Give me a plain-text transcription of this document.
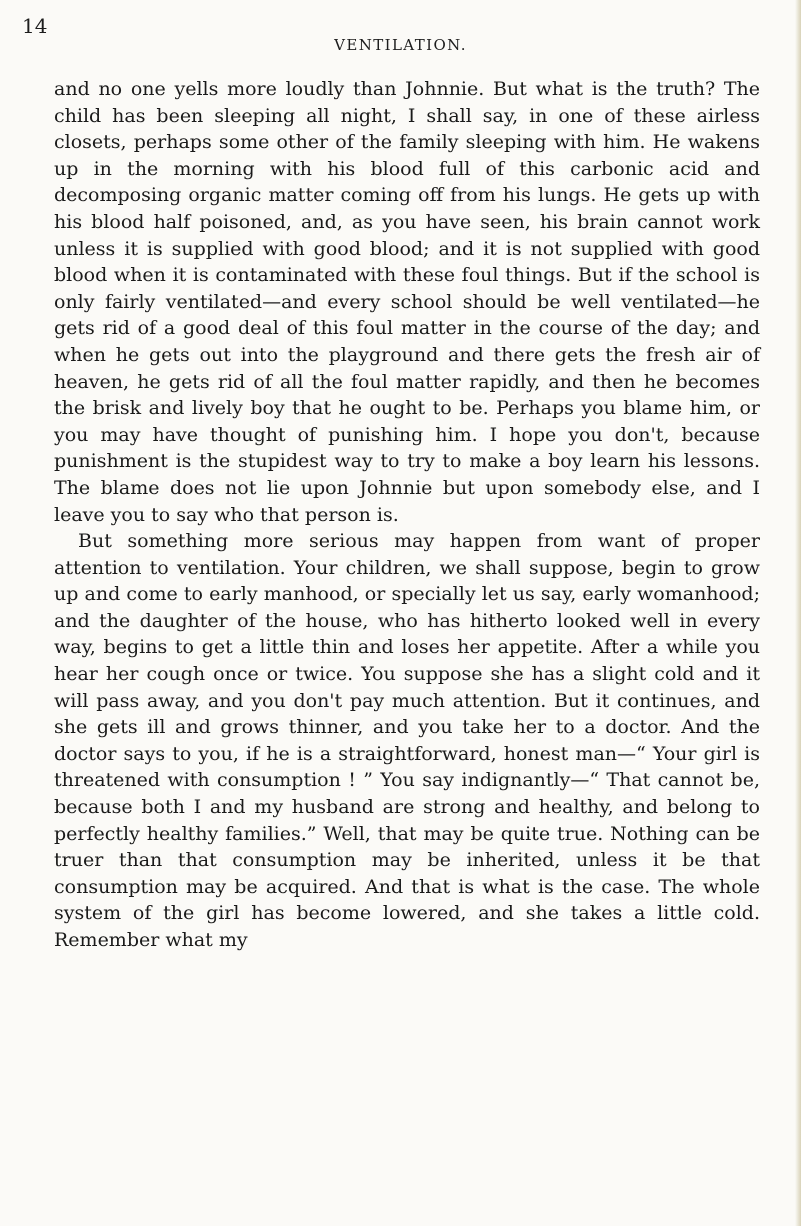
14
VENTILATION.

and no one yells more loudly than Johnnie. But what is the truth? The child has been sleeping all night, I shall say, in one of these airless closets, perhaps some other of the family sleeping with him. He wakens up in the morning with his blood full of this carbonic acid and decomposing organic matter coming off from his lungs. He gets up with his blood half poisoned, and, as you have seen, his brain cannot work unless it is supplied with good blood; and it is not supplied with good blood when it is contaminated with these foul things. But if the school is only fairly ventilated—and every school should be well ventilated—he gets rid of a good deal of this foul matter in the course of the day; and when he gets out into the playground and there gets the fresh air of heaven, he gets rid of all the foul matter rapidly, and then he becomes the brisk and lively boy that he ought to be. Perhaps you blame him, or you may have thought of punishing him. I hope you don't, because punishment is the stupidest way to try to make a boy learn his lessons. The blame does not lie upon Johnnie but upon somebody else, and I leave you to say who that person is.

But something more serious may happen from want of proper attention to ventilation. Your children, we shall suppose, begin to grow up and come to early manhood, or specially let us say, early womanhood; and the daughter of the house, who has hitherto looked well in every way, begins to get a little thin and loses her appetite. After a while you hear her cough once or twice. You suppose she has a slight cold and it will pass away, and you don't pay much attention. But it continues, and she gets ill and grows thinner, and you take her to a doctor. And the doctor says to you, if he is a straightforward, honest man—“ Your girl is threatened with consumption ! ” You say indignantly—“ That cannot be, because both I and my husband are strong and healthy, and belong to perfectly healthy families.” Well, that may be quite true. Nothing can be truer than that consumption may be inherited, unless it be that consumption may be acquired. And that is what is the case. The whole system of the girl has become lowered, and she takes a little cold. Remember what my
